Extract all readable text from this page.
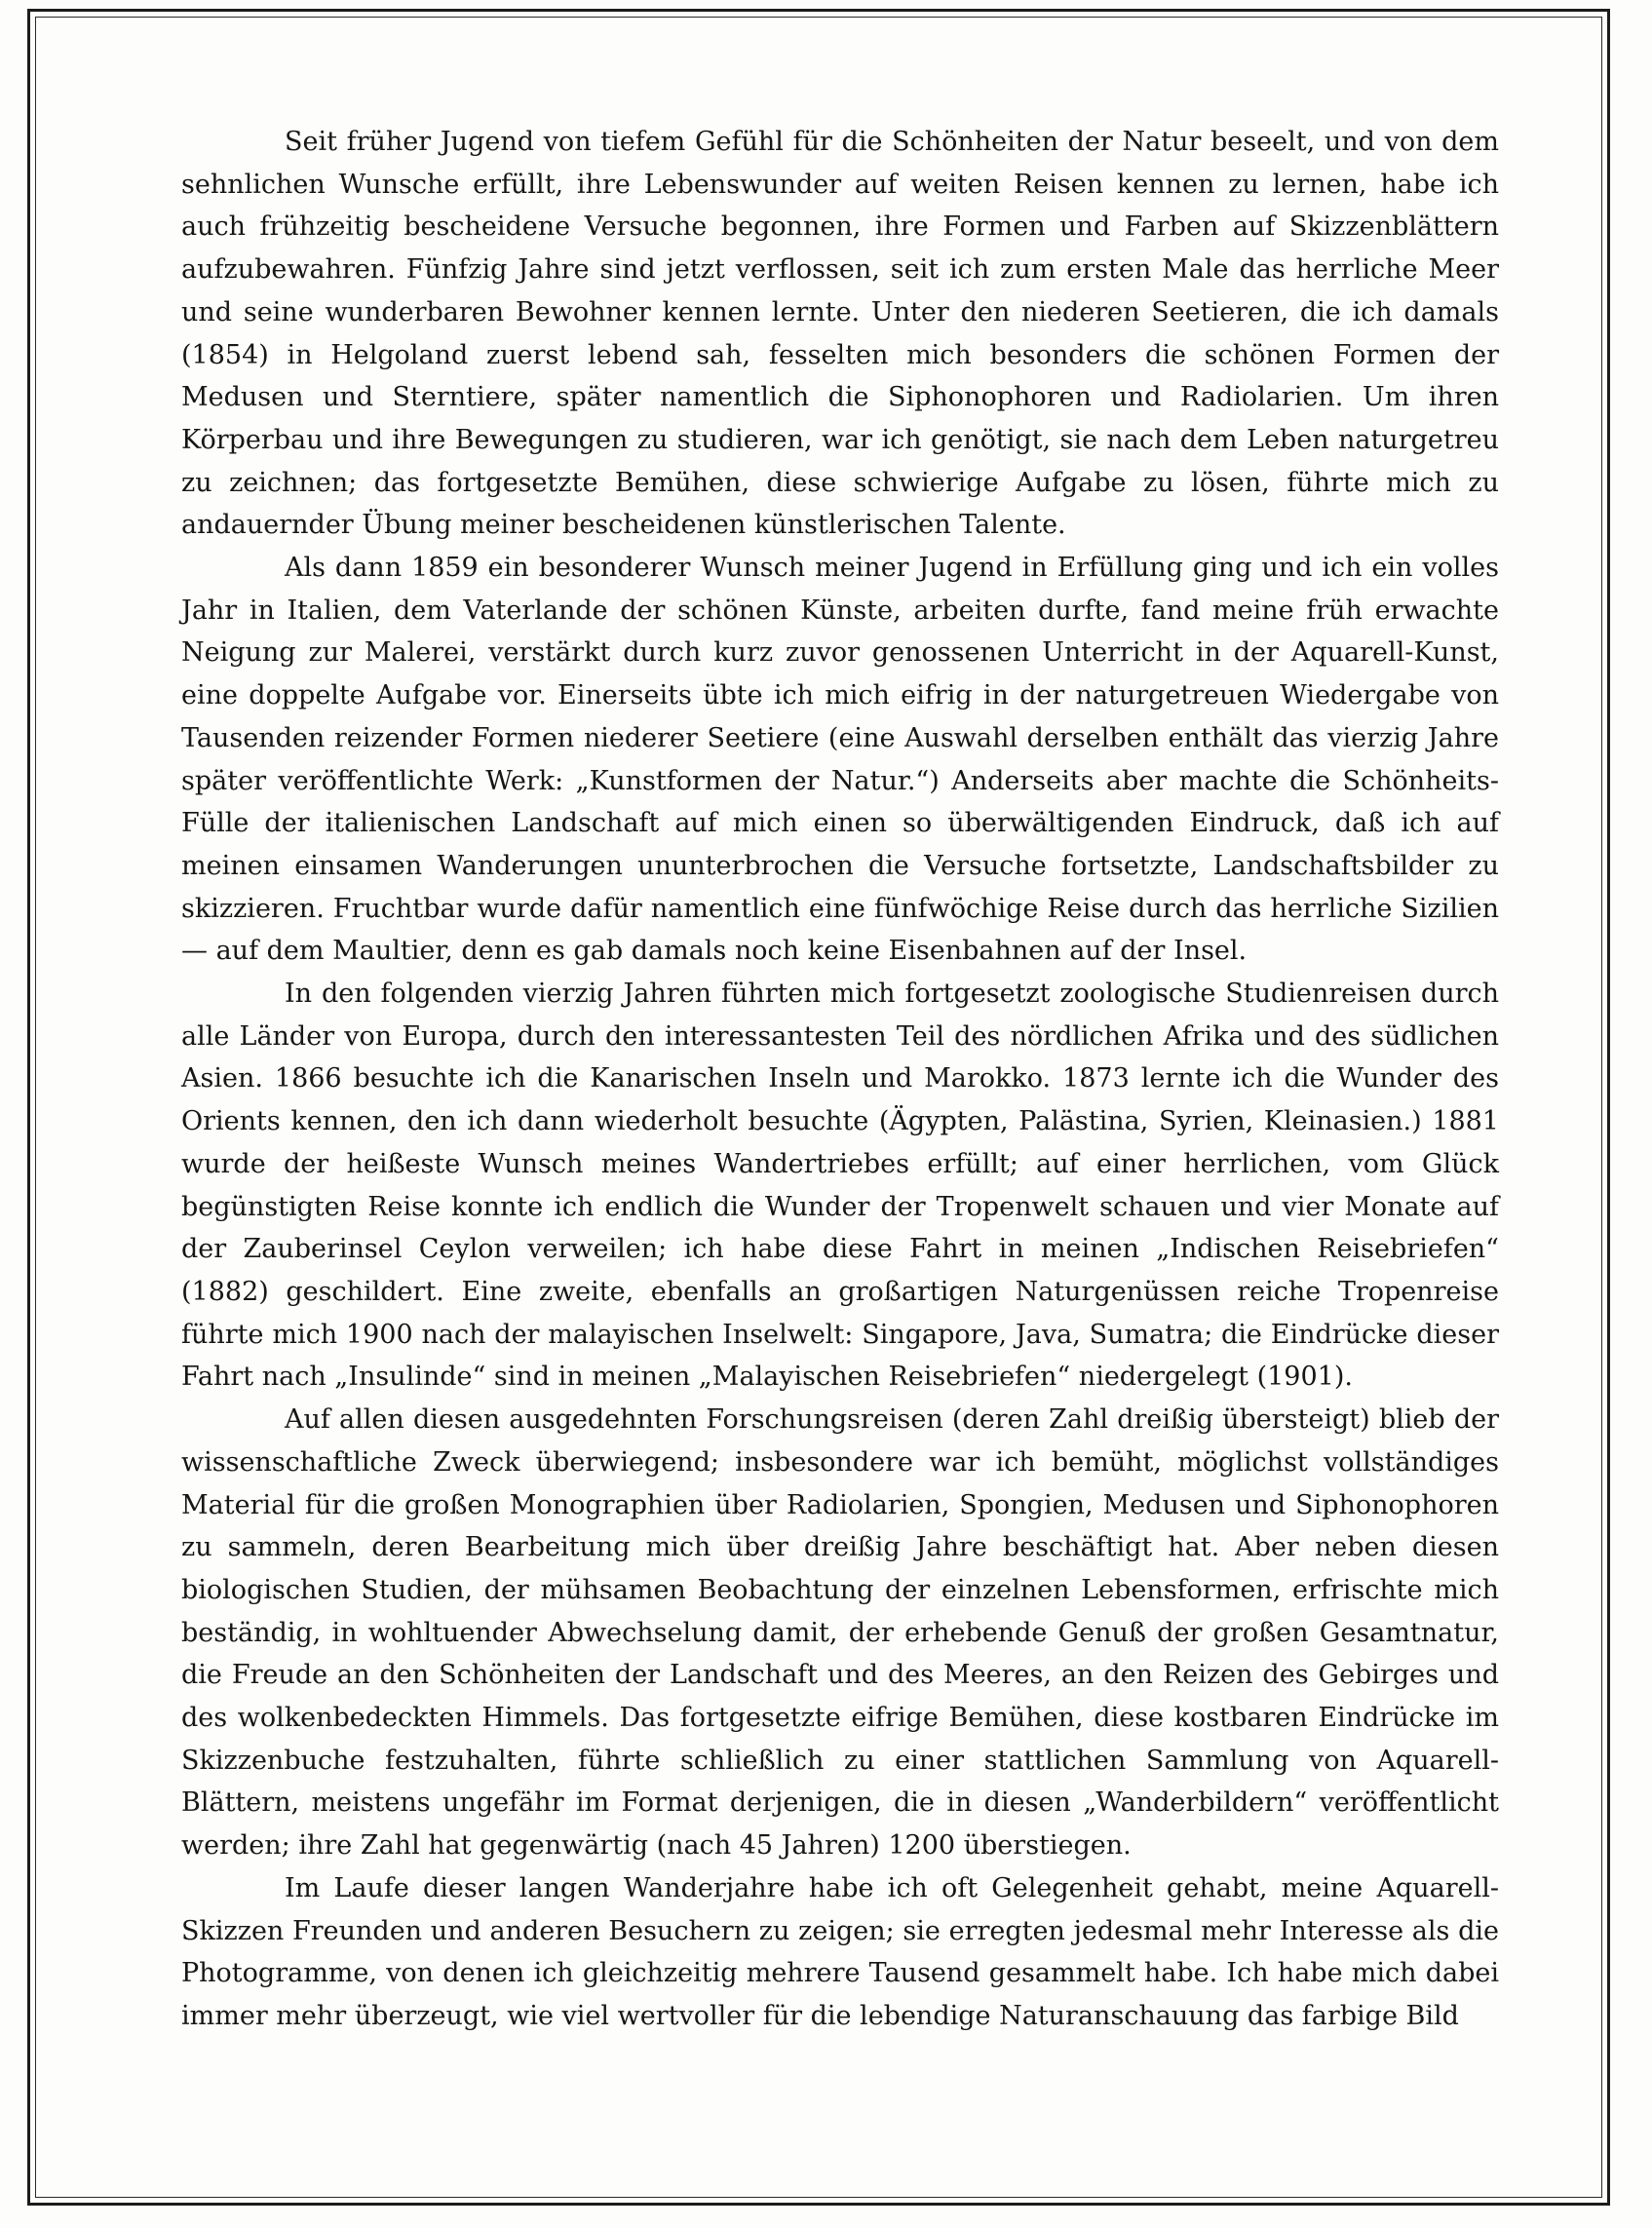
Seit früher Jugend von tiefem Gefühl für die Schönheiten der Natur beseelt, und von dem sehnlichen Wunsche erfüllt, ihre Lebenswunder auf weiten Reisen kennen zu lernen, habe ich auch frühzeitig bescheidene Versuche begonnen, ihre Formen und Farben auf Skizzenblättern aufzubewahren. Fünfzig Jahre sind jetzt verflossen, seit ich zum ersten Male das herrliche Meer und seine wunderbaren Bewohner kennen lernte. Unter den niederen Seetieren, die ich damals (1854) in Helgoland zuerst lebend sah, fesselten mich besonders die schönen Formen der Medusen und Sterntiere, später namentlich die Siphonophoren und Radiolarien. Um ihren Körperbau und ihre Bewegungen zu studieren, war ich genötigt, sie nach dem Leben naturgetreu zu zeichnen; das fortgesetzte Bemühen, diese schwierige Aufgabe zu lösen, führte mich zu andauernder Übung meiner bescheidenen künstlerischen Talente.

Als dann 1859 ein besonderer Wunsch meiner Jugend in Erfüllung ging und ich ein volles Jahr in Italien, dem Vaterlande der schönen Künste, arbeiten durfte, fand meine früh erwachte Neigung zur Malerei, verstärkt durch kurz zuvor genossenen Unterricht in der Aquarell-Kunst, eine doppelte Aufgabe vor. Einerseits übte ich mich eifrig in der naturgetreuen Wiedergabe von Tausenden reizender Formen niederer Seetiere (eine Auswahl derselben enthält das vierzig Jahre später veröffentlichte Werk: „Kunstformen der Natur.“) Anderseits aber machte die Schönheits-Fülle der italienischen Landschaft auf mich einen so überwältigenden Eindruck, daß ich auf meinen einsamen Wanderungen ununterbrochen die Versuche fortsetzte, Landschaftsbilder zu skizzieren. Fruchtbar wurde dafür namentlich eine fünfwöchige Reise durch das herrliche Sizilien — auf dem Maultier, denn es gab damals noch keine Eisenbahnen auf der Insel.

In den folgenden vierzig Jahren führten mich fortgesetzt zoologische Studienreisen durch alle Länder von Europa, durch den interessantesten Teil des nördlichen Afrika und des südlichen Asien. 1866 besuchte ich die Kanarischen Inseln und Marokko. 1873 lernte ich die Wunder des Orients kennen, den ich dann wiederholt besuchte (Ägypten, Palästina, Syrien, Kleinasien.) 1881 wurde der heißeste Wunsch meines Wandertriebes erfüllt; auf einer herrlichen, vom Glück begünstigten Reise konnte ich endlich die Wunder der Tropenwelt schauen und vier Monate auf der Zauberinsel Ceylon verweilen; ich habe diese Fahrt in meinen „Indischen Reisebriefen“ (1882) geschildert. Eine zweite, ebenfalls an großartigen Naturgenüssen reiche Tropenreise führte mich 1900 nach der malayischen Inselwelt: Singapore, Java, Sumatra; die Eindrücke dieser Fahrt nach „Insulinde“ sind in meinen „Malayischen Reisebriefen“ niedergelegt (1901).

Auf allen diesen ausgedehnten Forschungsreisen (deren Zahl dreißig übersteigt) blieb der wissenschaftliche Zweck überwiegend; insbesondere war ich bemüht, möglichst vollständiges Material für die großen Monographien über Radiolarien, Spongien, Medusen und Siphonophoren zu sammeln, deren Bearbeitung mich über dreißig Jahre beschäftigt hat. Aber neben diesen biologischen Studien, der mühsamen Beobachtung der einzelnen Lebensformen, erfrischte mich beständig, in wohltuender Abwechselung damit, der erhebende Genuß der großen Gesamtnatur, die Freude an den Schönheiten der Landschaft und des Meeres, an den Reizen des Gebirges und des wolkenbedeckten Himmels. Das fortgesetzte eifrige Bemühen, diese kostbaren Eindrücke im Skizzenbuche festzuhalten, führte schließlich zu einer stattlichen Sammlung von Aquarell-Blättern, meistens ungefähr im Format derjenigen, die in diesen „Wanderbildern“ veröffentlicht werden; ihre Zahl hat gegenwärtig (nach 45 Jahren) 1200 überstiegen.

Im Laufe dieser langen Wanderjahre habe ich oft Gelegenheit gehabt, meine Aquarell-Skizzen Freunden und anderen Besuchern zu zeigen; sie erregten jedesmal mehr Interesse als die Photogramme, von denen ich gleichzeitig mehrere Tausend gesammelt habe. Ich habe mich dabei immer mehr überzeugt, wie viel wertvoller für die lebendige Naturanschauung das farbige Bild
